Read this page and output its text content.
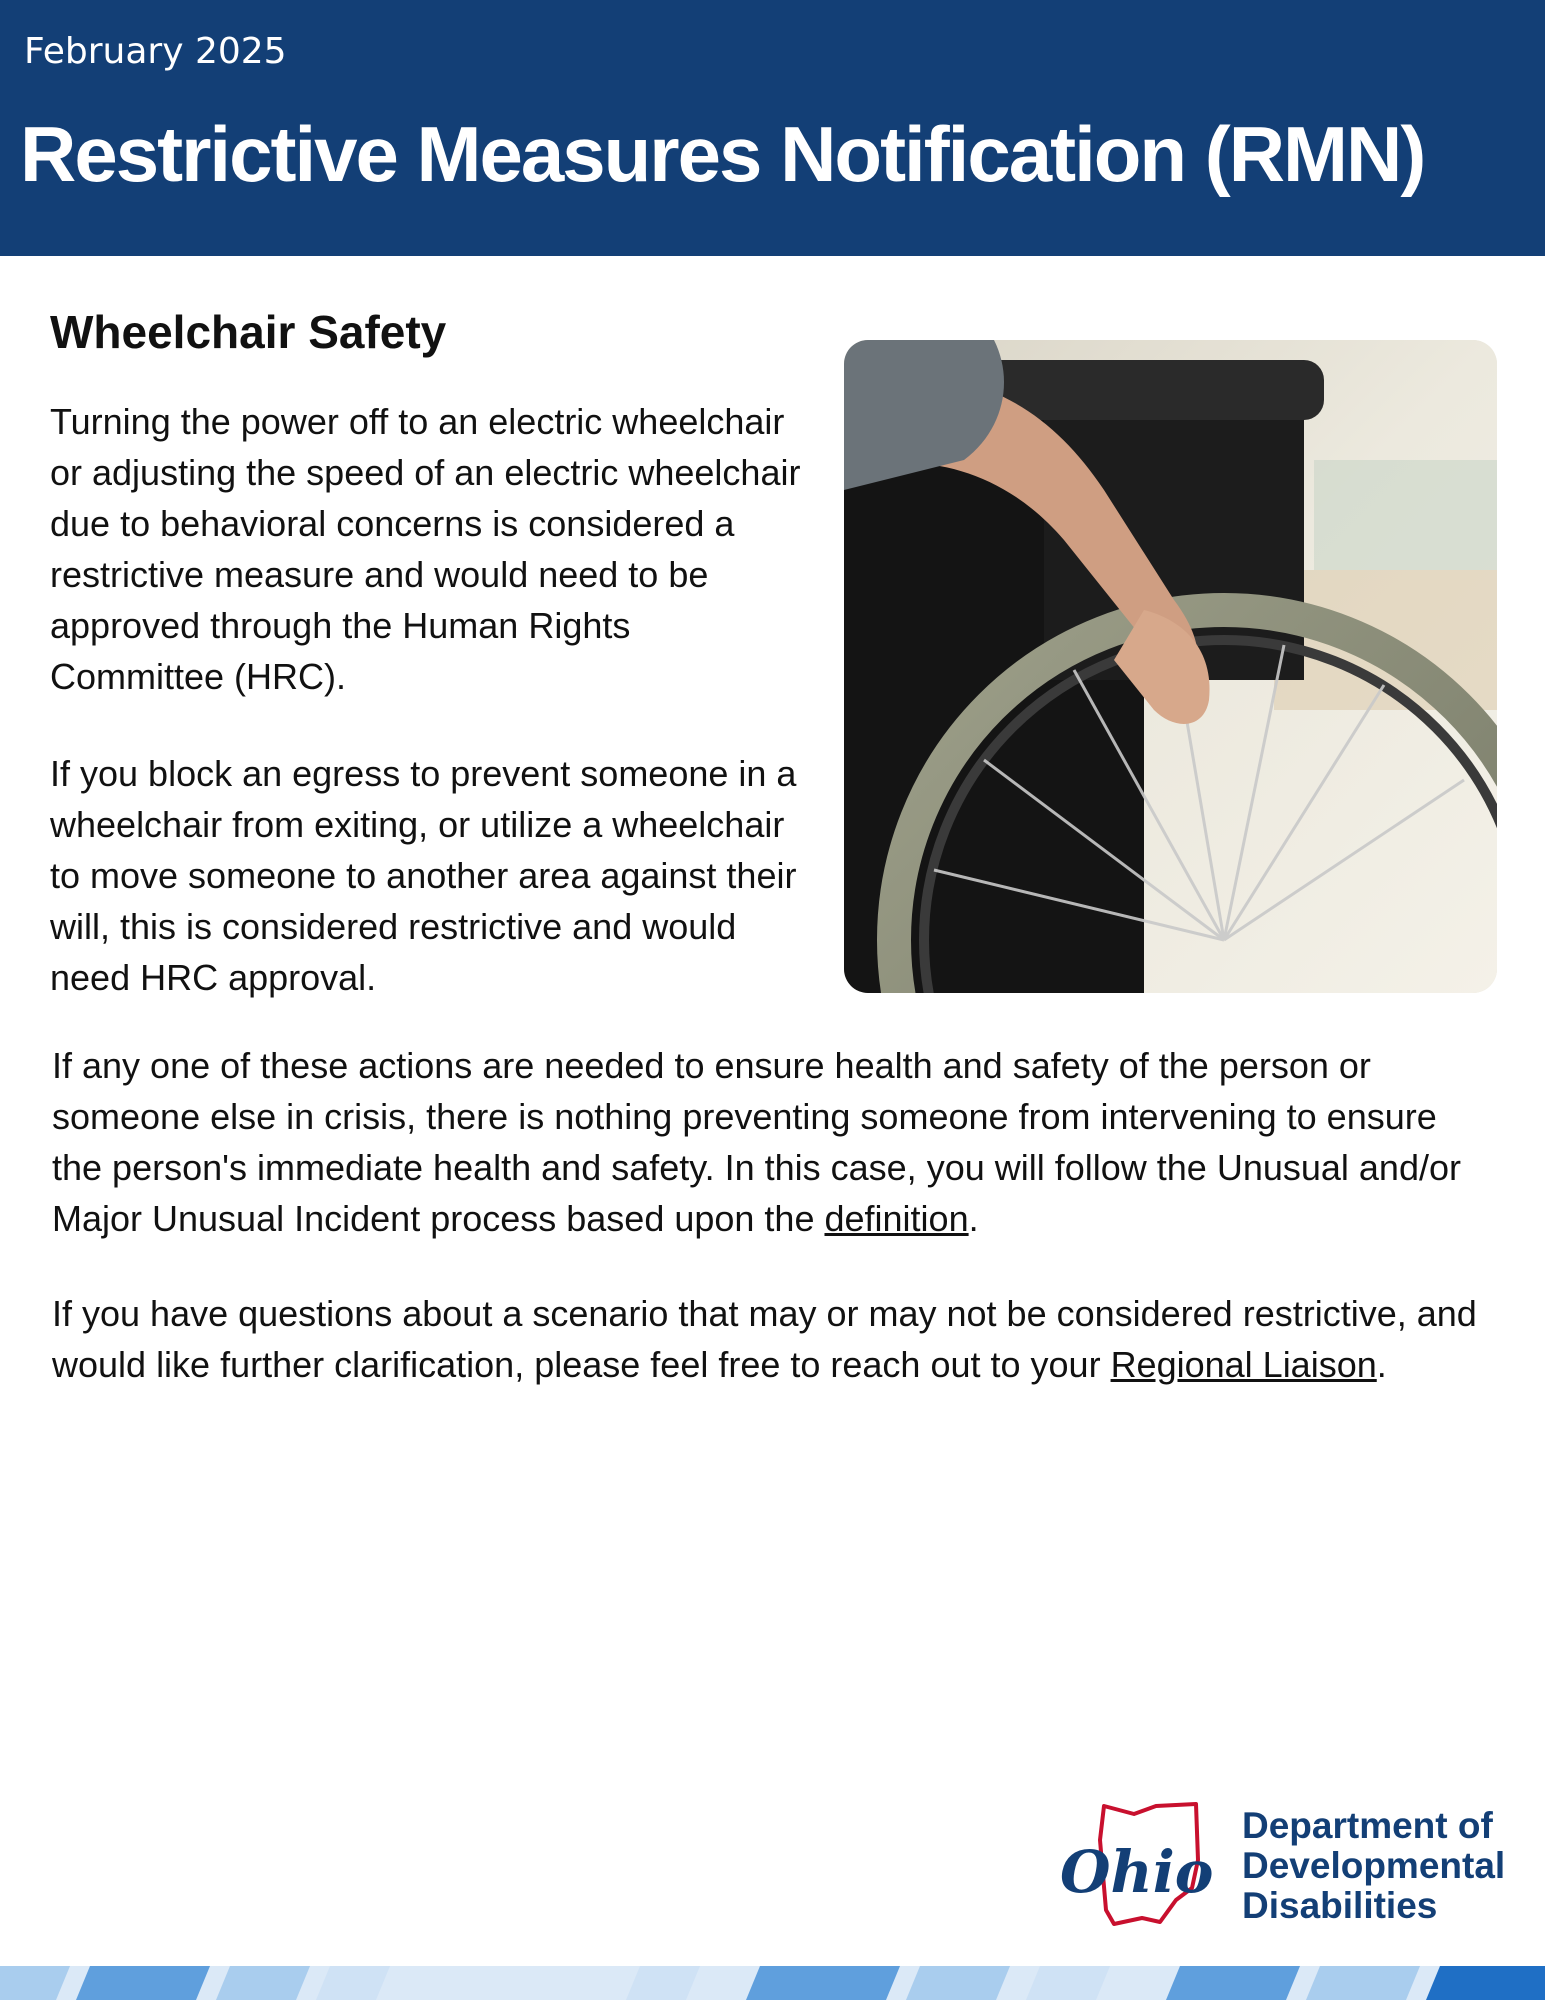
February 2025
Restrictive Measures Notification (RMN)
Wheelchair Safety

Turning the power off to an electric wheelchair or adjusting the speed of an electric wheelchair due to behavioral concerns is considered a restrictive measure and would need to be approved through the Human Rights Committee (HRC).

If you block an egress to prevent someone in a wheelchair from exiting, or utilize a wheelchair to move someone to another area against their will, this is considered restrictive and would need HRC approval.

If any one of these actions are needed to ensure health and safety of the person or someone else in crisis, there is nothing preventing someone from intervening to ensure the person's immediate health and safety. In this case, you will follow the Unusual and/or Major Unusual Incident process based upon the definition.

If you have questions about a scenario that may or may not be considered restrictive, and would like further clarification, please feel free to reach out to your Regional Liaison.

Ohio
Department of
Developmental
Disabilities
